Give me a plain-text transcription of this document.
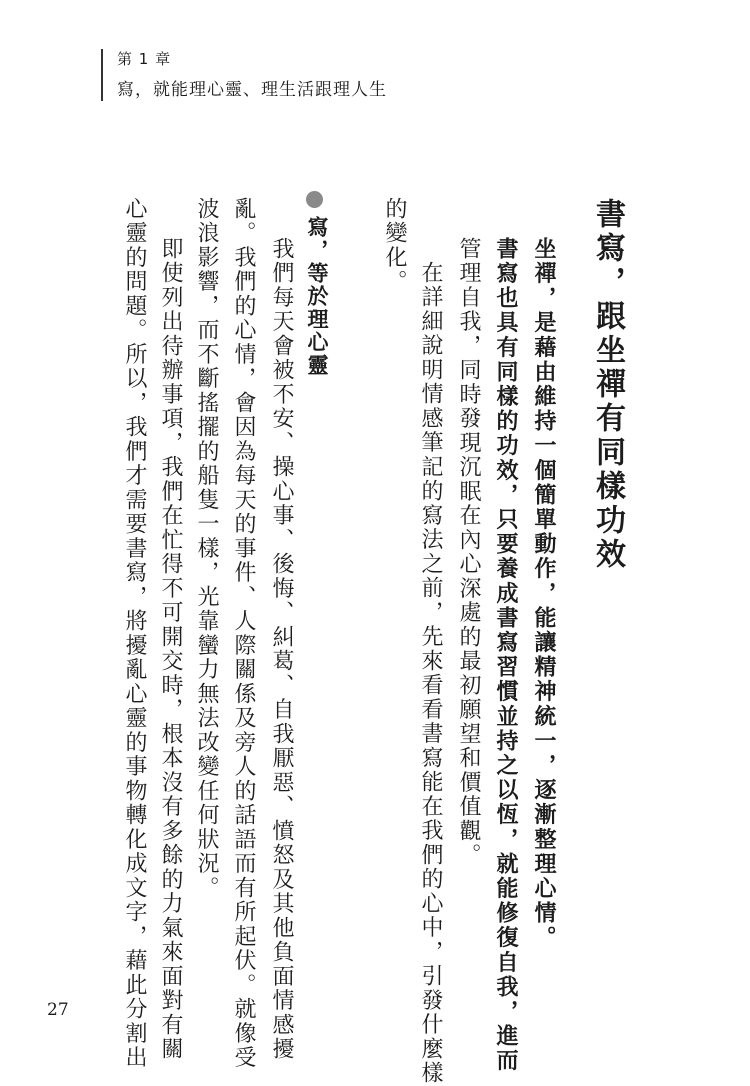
第 1 章
寫，就能理心靈、理生活跟理人生
書寫，跟坐禪有同樣功效
坐禪，是藉由維持一個簡單動作，能讓精神統一，逐漸整理心情。
書寫也具有同樣的功效，只要養成書寫習慣並持之以恆，就能修復自我，進而
管理自我，同時發現沉眠在內心深處的最初願望和價值觀。
在詳細說明情感筆記的寫法之前，先來看看書寫能在我們的心中，引發什麼樣
的變化。
寫，等於理心靈
我們每天會被不安、操心事、後悔、糾葛、自我厭惡、憤怒及其他負面情感擾
亂。我們的心情，會因為每天的事件、人際關係及旁人的話語而有所起伏。就像受
波浪影響，而不斷搖擺的船隻一樣，光靠蠻力無法改變任何狀況。
即使列出待辦事項，我們在忙得不可開交時，根本沒有多餘的力氣來面對有關
心靈的問題。所以，我們才需要書寫，將擾亂心靈的事物轉化成文字，藉此分割出
27
